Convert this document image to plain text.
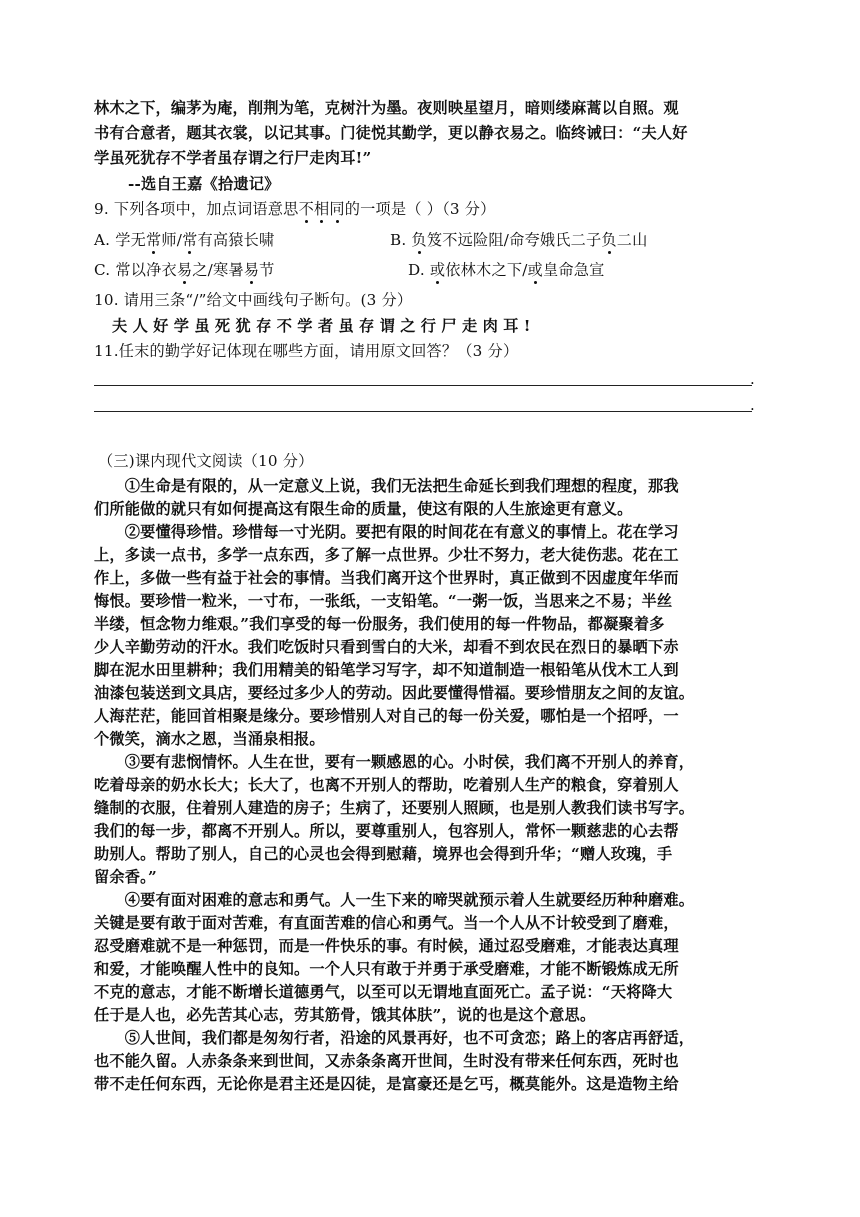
林木之下，编茅为庵，削荆为笔，克树汁为墨。夜则映星望月，暗则缕麻蒿以自照。观
书有合意者，题其衣裳，以记其事。门徒悦其勤学，更以静衣易之。临终诫曰：“夫人好
学虽死犹存不学者虽存谓之行尸走肉耳!”
--选自王嘉《拾遗记》
9. 下列各项中，加点词语意思不相同的一项是（ ）（3 分）
A. 学无常师/常有高猿长啸	B. 负笈不远险阻/命夸娥氏二子负二山
C. 常以净衣易之/寒暑易节	D. 或依林木之下/或皇命急宣
10. 请用三条“/”给文中画线句子断句。(3 分）
夫人好学虽死犹存不学者虽存谓之行尸走肉耳!
11.任末的勤学好记体现在哪些方面，请用原文回答？（3 分）
.
.
（三)课内现代文阅读（10 分）
　　①生命是有限的，从一定意义上说，我们无法把生命延长到我们理想的程度，那我
们所能做的就只有如何提高这有限生命的质量，使这有限的人生旅途更有意义。
　　②要懂得珍惜。珍惜每一寸光阴。要把有限的时间花在有意义的事情上。花在学习
上，多读一点书，多学一点东西，多了解一点世界。少壮不努力，老大徒伤悲。花在工
作上，多做一些有益于社会的事情。当我们离开这个世界时，真正做到不因虚度年华而
悔恨。要珍惜一粒米，一寸布，一张纸，一支铅笔。“一粥一饭，当思来之不易；半丝
半缕，恒念物力维艰。”我们享受的每一份服务，我们使用的每一件物品，都凝聚着多
少人辛勤劳动的汗水。我们吃饭时只看到雪白的大米，却看不到农民在烈日的暴晒下赤
脚在泥水田里耕种；我们用精美的铅笔学习写字，却不知道制造一根铅笔从伐木工人到
油漆包装送到文具店，要经过多少人的劳动。因此要懂得惜福。要珍惜朋友之间的友谊。
人海茫茫，能回首相聚是缘分。要珍惜别人对自己的每一份关爱，哪怕是一个招呼，一
个微笑，滴水之恩，当涌泉相报。
　　③要有悲悯情怀。人生在世，要有一颗感恩的心。小时侯，我们离不开别人的养育，
吃着母亲的奶水长大；长大了，也离不开别人的帮助，吃着别人生产的粮食，穿着别人
缝制的衣服，住着别人建造的房子；生病了，还要别人照顾，也是别人教我们读书写字。
我们的每一步，都离不开别人。所以，要尊重别人，包容别人，常怀一颗慈悲的心去帮
助别人。帮助了别人，自己的心灵也会得到慰藉，境界也会得到升华；“赠人玫瑰，手
留余香。”
　　④要有面对困难的意志和勇气。人一生下来的啼哭就预示着人生就要经历种种磨难。
关键是要有敢于面对苦难，有直面苦难的信心和勇气。当一个人从不计较受到了磨难，
忍受磨难就不是一种惩罚，而是一件快乐的事。有时候，通过忍受磨难，才能表达真理
和爱，才能唤醒人性中的良知。一个人只有敢于并勇于承受磨难，才能不断锻炼成无所
不克的意志，才能不断增长道德勇气，以至可以无谓地直面死亡。孟子说：“天将降大
任于是人也，必先苦其心志，劳其筋骨，饿其体肤”，说的也是这个意思。
　　⑤人世间，我们都是匆匆行者，沿途的风景再好，也不可贪恋；路上的客店再舒适，
也不能久留。人赤条条来到世间，又赤条条离开世间，生时没有带来任何东西，死时也
带不走任何东西，无论你是君主还是囚徒，是富豪还是乞丐，概莫能外。这是造物主给
